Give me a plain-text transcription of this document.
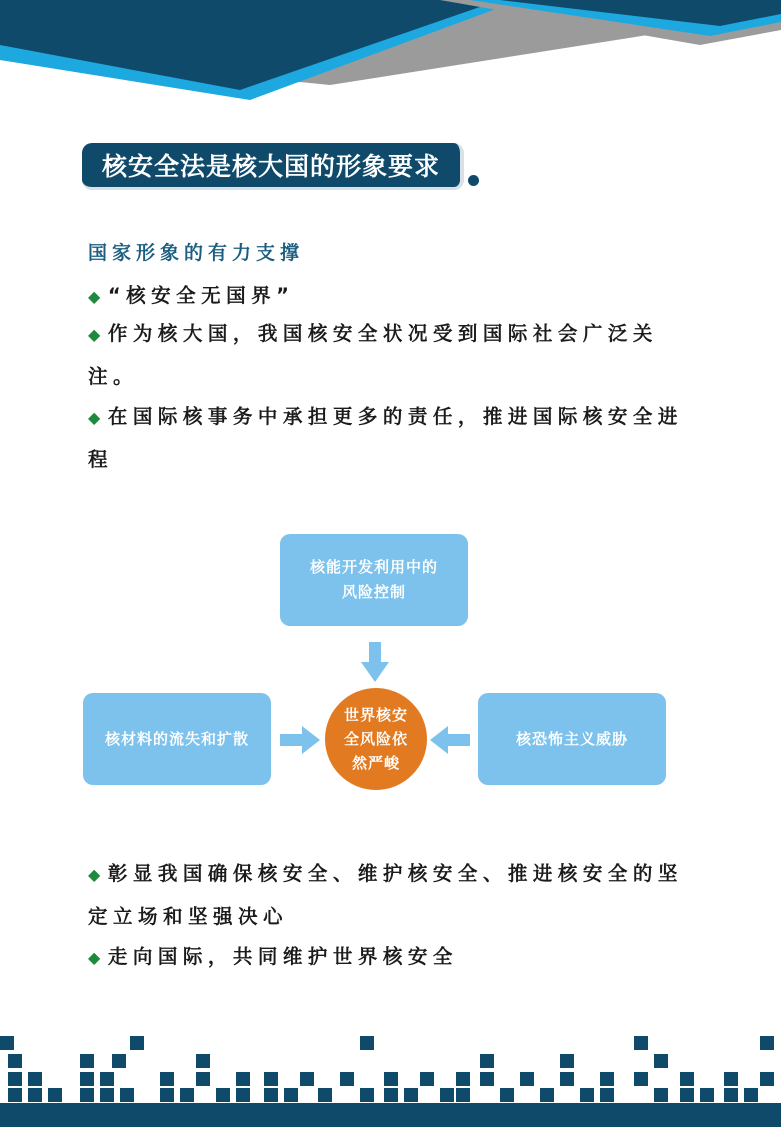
核安全法是核大国的形象要求
国家形象的有力支撑
◆ “核安全无国界”
◆ 作为核大国，我国核安全状况受到国际社会广泛关注。
◆ 在国际核事务中承担更多的责任，推进国际核安全进程
核能开发利用中的
风险控制
核材料的流失和扩散	核恐怖主义威胁
世界核安
全风险依
然严峻
◆ 彰显我国确保核安全、维护核安全、推进核安全的坚定立场和坚强决心
◆ 走向国际，共同维护世界核安全
